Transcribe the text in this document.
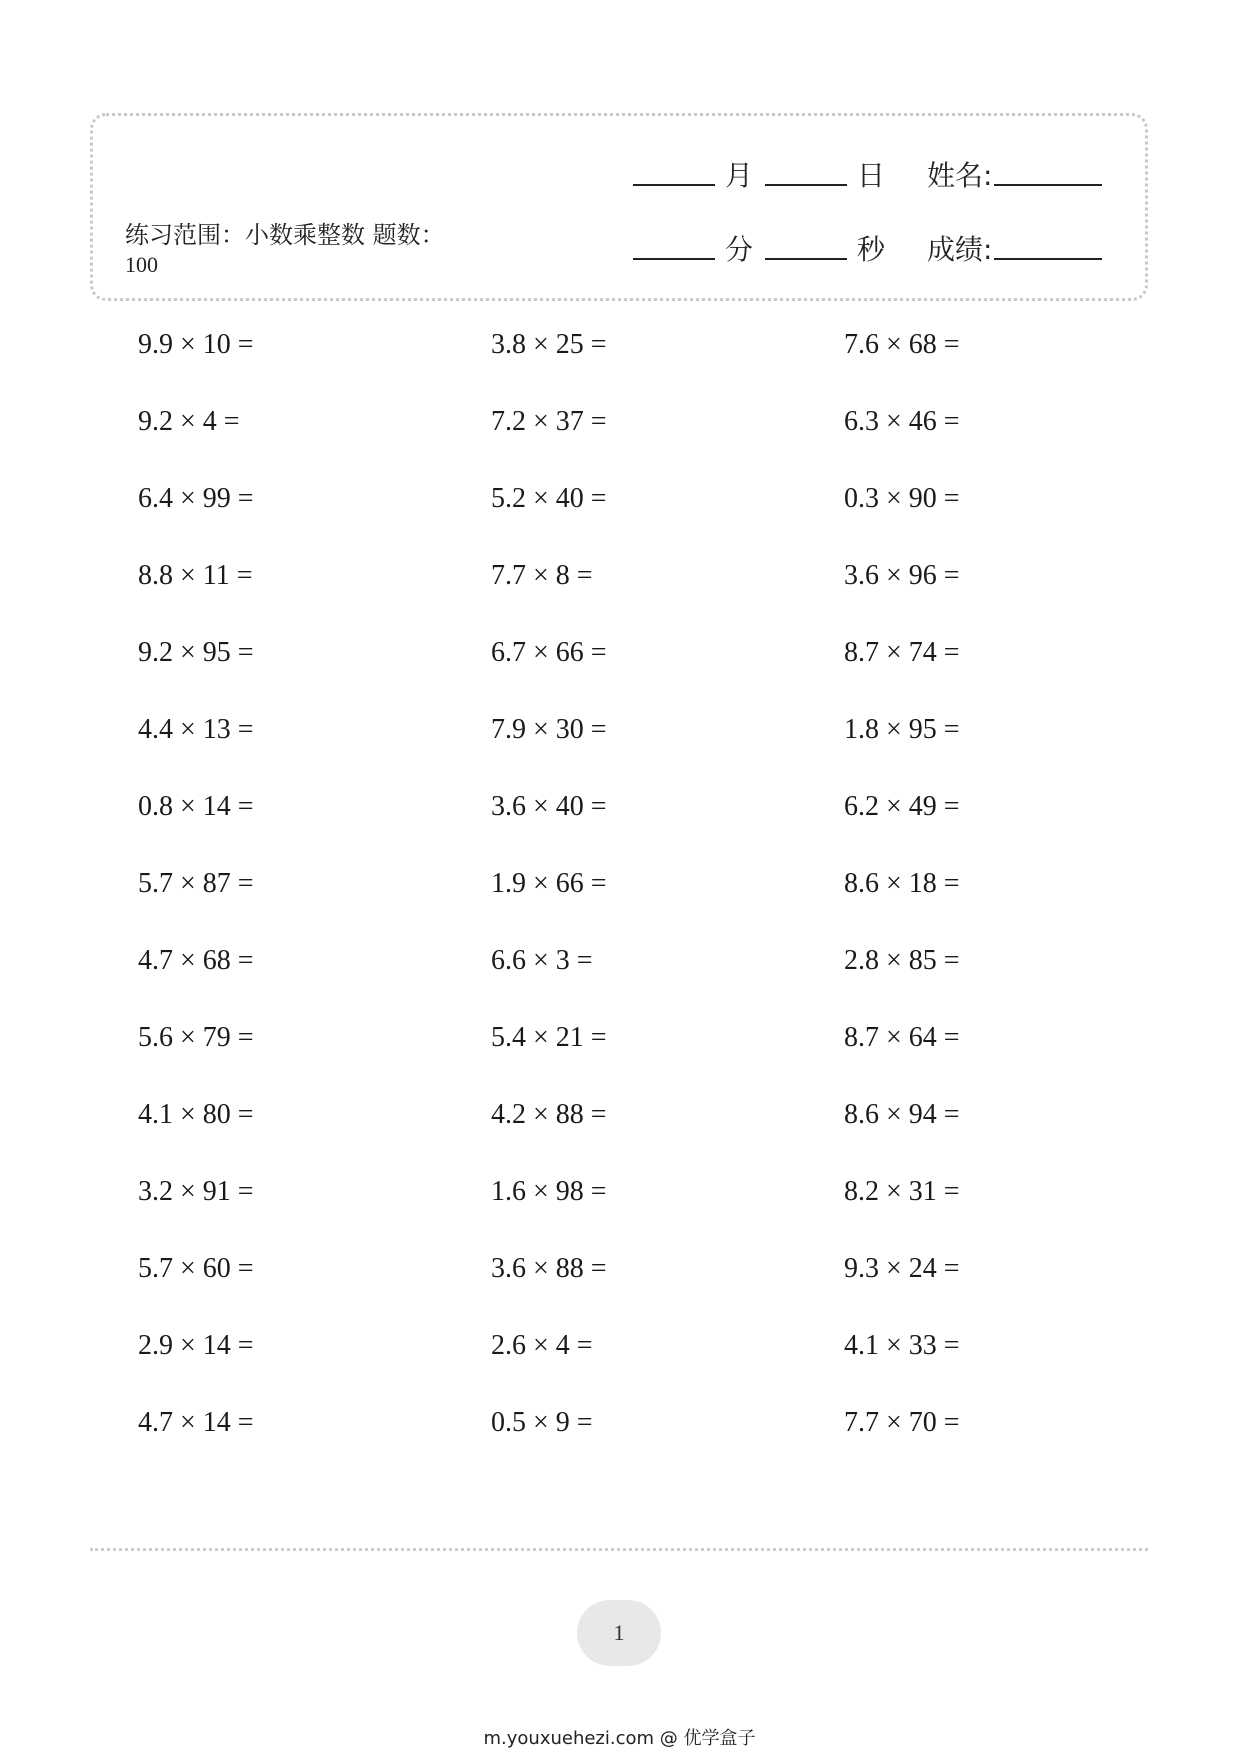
月	日 姓名:
分	秒 成绩:
练习范围：小数乘整数 题数：
100
9.9 × 10 =
9.2 × 4 =
6.4 × 99 =
8.8 × 11 =
9.2 × 95 =
4.4 × 13 =
0.8 × 14 =
5.7 × 87 =
4.7 × 68 =
5.6 × 79 =
4.1 × 80 =
3.2 × 91 =
5.7 × 60 =
2.9 × 14 =
4.7 × 14 =
3.8 × 25 =
7.2 × 37 =
5.2 × 40 =
7.7 × 8 =
6.7 × 66 =
7.9 × 30 =
3.6 × 40 =
1.9 × 66 =
6.6 × 3 =
5.4 × 21 =
4.2 × 88 =
1.6 × 98 =
3.6 × 88 =
2.6 × 4 =
0.5 × 9 =
7.6 × 68 =
6.3 × 46 =
0.3 × 90 =
3.6 × 96 =
8.7 × 74 =
1.8 × 95 =
6.2 × 49 =
8.6 × 18 =
2.8 × 85 =
8.7 × 64 =
8.6 × 94 =
8.2 × 31 =
9.3 × 24 =
4.1 × 33 =
7.7 × 70 =
1
m.youxuehezi.com @ 优学盒子
